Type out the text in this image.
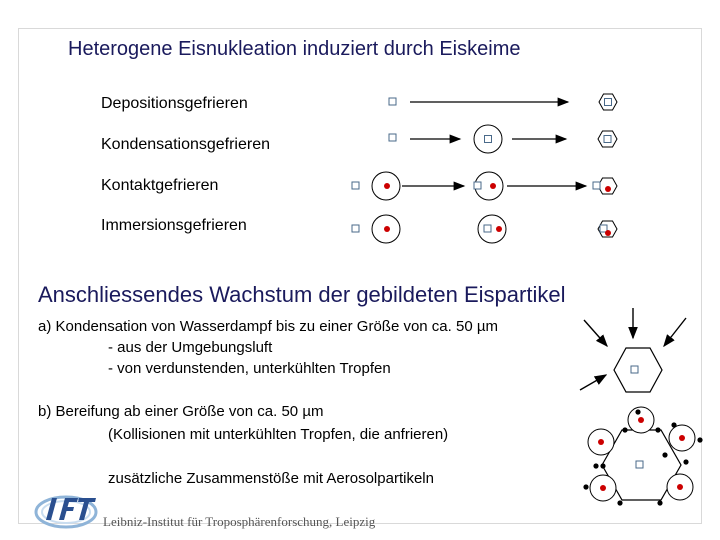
Heterogene Eisnukleation induziert durch Eiskeime
Depositionsgefrieren
Kondensationsgefrieren
Kontaktgefrieren
Immersionsgefrieren
Anschliessendes Wachstum der gebildeten Eispartikel
a) Kondensation von Wasserdampf bis zu einer Größe von ca. 50 µm
- aus der Umgebungsluft
- von verdunstenden, unterkühlten Tropfen
b) Bereifung ab einer Größe von ca. 50 µm
(Kollisionen mit unterkühlten Tropfen, die anfrieren)
zusätzliche Zusammenstöße mit Aerosolpartikeln
Leibniz-Institut für Troposphärenforschung, Leipzig
